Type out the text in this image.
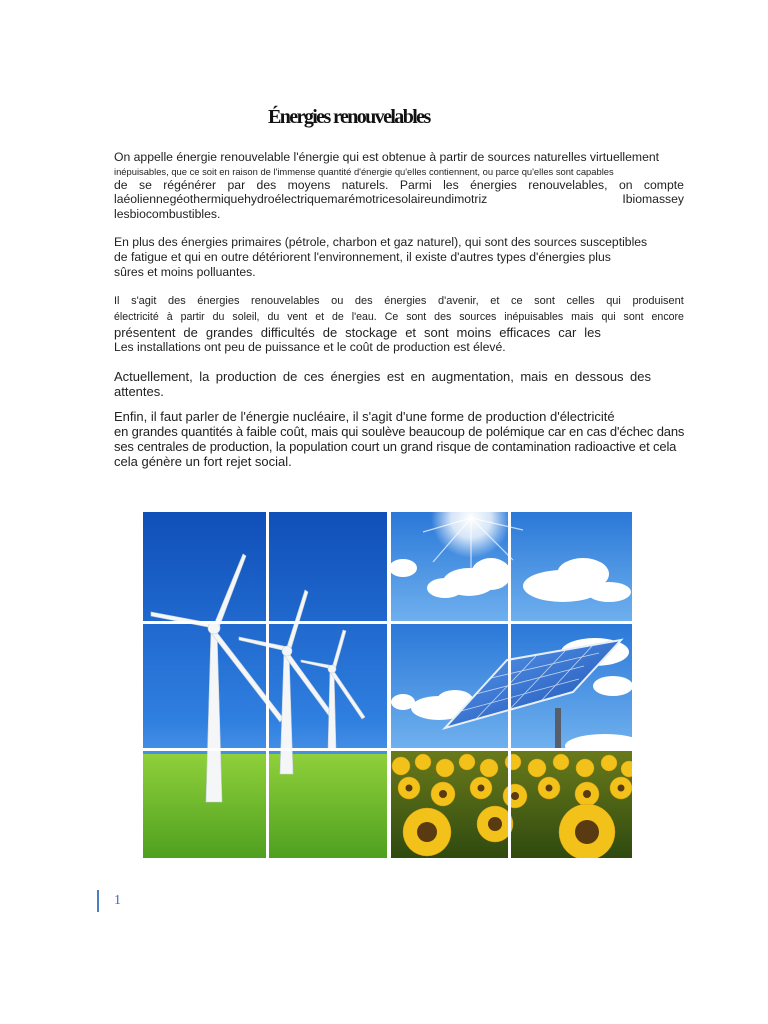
Énergies renouvelables
On appelle énergie renouvelable l'énergie qui est obtenue à partir de sources naturelles virtuellement
inépuisables, que ce soit en raison de l'immense quantité d'énergie qu'elles contiennent, ou parce qu'elles sont capables
de se régénérer par des moyens naturels. Parmi les énergies renouvelables, on compte
laéoliennegéothermiquehydroélectriquemarémotricesolaireundimotriz	Ibiomassey
lesbiocombustibles.
En plus des énergies primaires (pétrole, charbon et gaz naturel), qui sont des sources susceptibles
de fatigue et qui en outre détériorent l'environnement, il existe d'autres types d'énergies plus
sûres et moins polluantes.
Il s'agit des énergies renouvelables ou des énergies d'avenir, et ce sont celles qui produisent
électricité à partir du soleil, du vent et de l'eau. Ce sont des sources inépuisables mais qui sont encore
présentent de grandes difficultés de stockage et sont moins efficaces car les
Les installations ont peu de puissance et le coût de production est élevé.
Actuellement, la production de ces énergies est en augmentation, mais en dessous des
attentes.
Enfin, il faut parler de l'énergie nucléaire, il s'agit d'une forme de production d'électricité
en grandes quantités à faible coût, mais qui soulève beaucoup de polémique car en cas d'échec dans
ses centrales de production, la population court un grand risque de contamination radioactive et cela
cela génère un fort rejet social.
1
